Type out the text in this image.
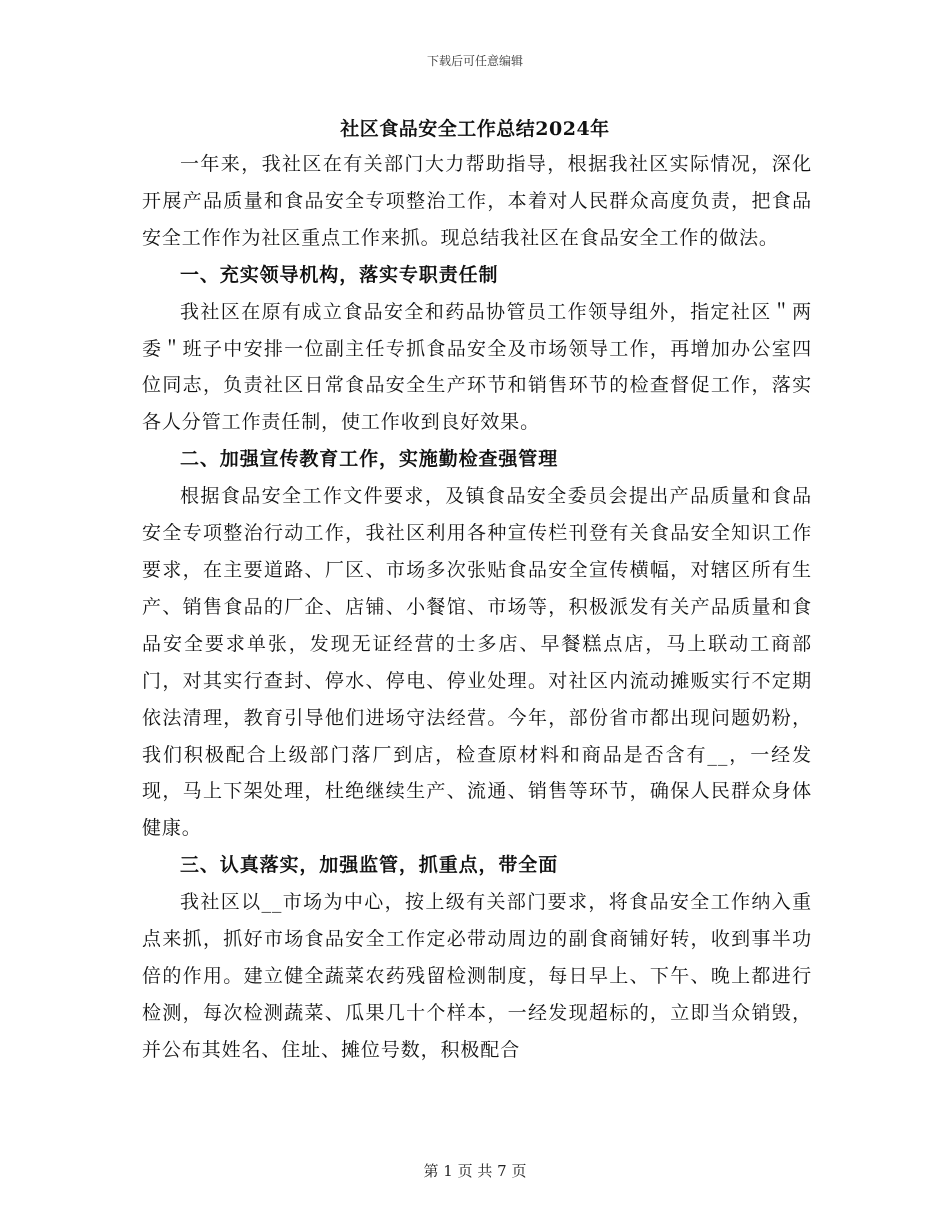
下载后可任意编辑
社区食品安全工作总结2024年

一年来，我社区在有关部门大力帮助指导，根据我社区实际情况，深化开展产品质量和食品安全专项整治工作，本着对人民群众高度负责，把食品安全工作作为社区重点工作来抓。现总结我社区在食品安全工作的做法。

一、充实领导机构，落实专职责任制

我社区在原有成立食品安全和药品协管员工作领导组外，指定社区＂两委＂班子中安排一位副主任专抓食品安全及市场领导工作，再增加办公室四位同志，负责社区日常食品安全生产环节和销售环节的检查督促工作，落实各人分管工作责任制，使工作收到良好效果。

二、加强宣传教育工作，实施勤检查强管理

根据食品安全工作文件要求，及镇食品安全委员会提出产品质量和食品安全专项整治行动工作，我社区利用各种宣传栏刊登有关食品安全知识工作要求，在主要道路、厂区、市场多次张贴食品安全宣传横幅，对辖区所有生产、销售食品的厂企、店铺、小餐馆、市场等，积极派发有关产品质量和食品安全要求单张，发现无证经营的士多店、早餐糕点店，马上联动工商部门，对其实行查封、停水、停电、停业处理。对社区内流动摊贩实行不定期依法清理，教育引导他们进场守法经营。今年，部份省市都出现问题奶粉，我们积极配合上级部门落厂到店，检查原材料和商品是否含有__，一经发现，马上下架处理，杜绝继续生产、流通、销售等环节，确保人民群众身体健康。

三、认真落实，加强监管，抓重点，带全面

我社区以__市场为中心，按上级有关部门要求，将食品安全工作纳入重点来抓，抓好市场食品安全工作定必带动周边的副食商铺好转，收到事半功倍的作用。建立健全蔬菜农药残留检测制度，每日早上、下午、晚上都进行检测，每次检测蔬菜、瓜果几十个样本，一经发现超标的，立即当众销毁，并公布其姓名、住址、摊位号数，积极配合

第 1 页 共 7 页
